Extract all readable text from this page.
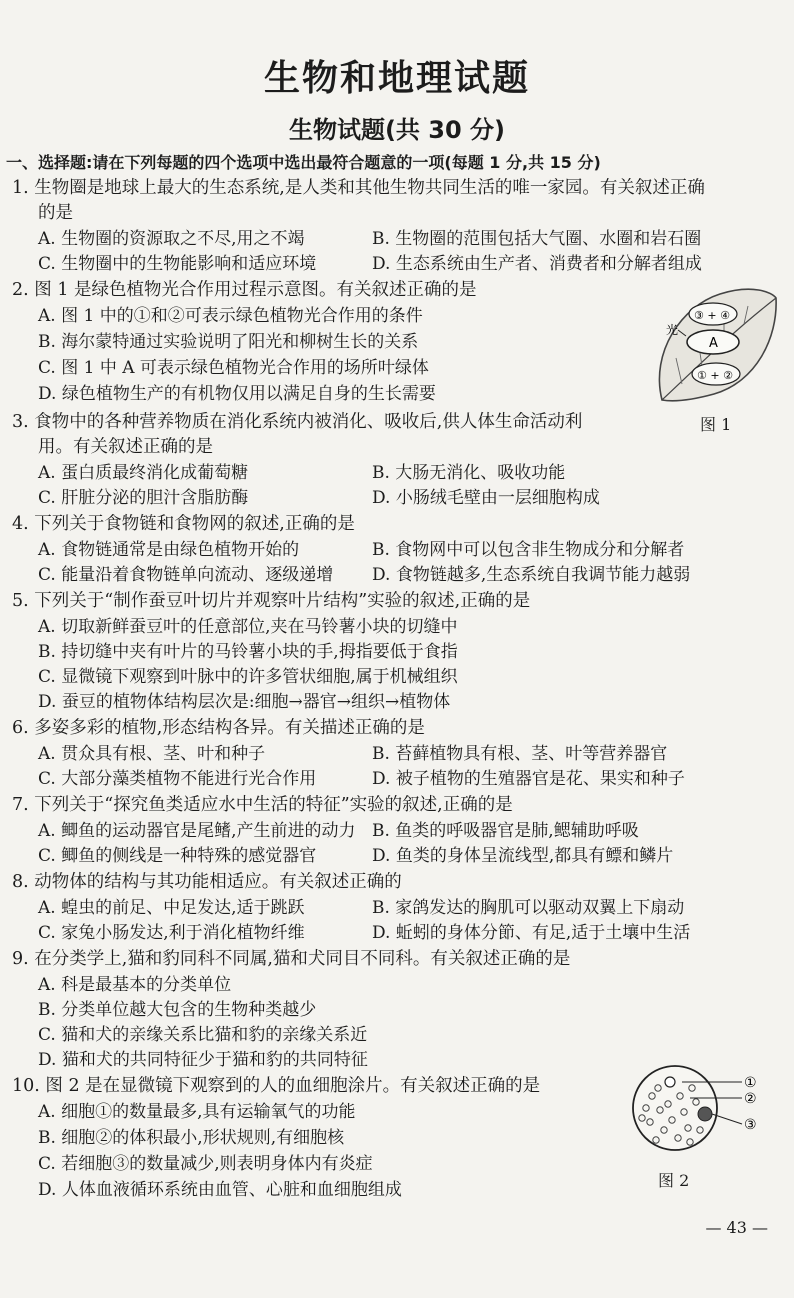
生物和地理试题
生物试题(共 30 分)
一、选择题:请在下列每题的四个选项中选出最符合题意的一项(每题 1 分,共 15 分)
1. 生物圈是地球上最大的生态系统,是人类和其他生物共同生活的唯一家园。有关叙述正确
的是
A. 生物圈的资源取之不尽,用之不竭	B. 生物圈的范围包括大气圈、水圈和岩石圈
C. 生物圈中的生物能影响和适应环境	D. 生态系统由生产者、消费者和分解者组成
2. 图 1 是绿色植物光合作用过程示意图。有关叙述正确的是
A. 图 1 中的①和②可表示绿色植物光合作用的条件
B. 海尔蒙特通过实验说明了阳光和柳树生长的关系
C. 图 1 中 A 可表示绿色植物光合作用的场所叶绿体
D. 绿色植物生产的有机物仅用以满足自身的生长需要
A
③ + ④
① + ②
光
图 1
3. 食物中的各种营养物质在消化系统内被消化、吸收后,供人体生命活动利
用。有关叙述正确的是
A. 蛋白质最终消化成葡萄糖	B. 大肠无消化、吸收功能
C. 肝脏分泌的胆汁含脂肪酶	D. 小肠绒毛壁由一层细胞构成
4. 下列关于食物链和食物网的叙述,正确的是
A. 食物链通常是由绿色植物开始的	B. 食物网中可以包含非生物成分和分解者
C. 能量沿着食物链单向流动、逐级递增 D. 食物链越多,生态系统自我调节能力越弱
5. 下列关于“制作蚕豆叶切片并观察叶片结构”实验的叙述,正确的是
A. 切取新鲜蚕豆叶的任意部位,夹在马铃薯小块的切缝中
B. 持切缝中夹有叶片的马铃薯小块的手,拇指要低于食指
C. 显微镜下观察到叶脉中的许多管状细胞,属于机械组织
D. 蚕豆的植物体结构层次是:细胞→器官→组织→植物体
6. 多姿多彩的植物,形态结构各异。有关描述正确的是
A. 贯众具有根、茎、叶和种子	B. 苔藓植物具有根、茎、叶等营养器官
C. 大部分藻类植物不能进行光合作用	D. 被子植物的生殖器官是花、果实和种子
7. 下列关于“探究鱼类适应水中生活的特征”实验的叙述,正确的是
A. 鲫鱼的运动器官是尾鳍,产生前进的动力 B. 鱼类的呼吸器官是肺,鳃辅助呼吸
C. 鲫鱼的侧线是一种特殊的感觉器官	D. 鱼类的身体呈流线型,都具有鳔和鳞片
8. 动物体的结构与其功能相适应。有关叙述正确的
A. 蝗虫的前足、中足发达,适于跳跃	B. 家鸽发达的胸肌可以驱动双翼上下扇动
C. 家兔小肠发达,利于消化植物纤维	D. 蚯蚓的身体分節、有足,适于土壤中生活
9. 在分类学上,猫和豹同科不同属,猫和犬同目不同科。有关叙述正确的是
A. 科是最基本的分类单位
B. 分类单位越大包含的生物种类越少
C. 猫和犬的亲缘关系比猫和豹的亲缘关系近
D. 猫和犬的共同特征少于猫和豹的共同特征
10. 图 2 是在显微镜下观察到的人的血细胞涂片。有关叙述正确的是
A. 细胞①的数量最多,具有运输氧气的功能
B. 细胞②的体积最小,形状规则,有细胞核
C. 若细胞③的数量减少,则表明身体内有炎症
D. 人体血液循环系统由血管、心脏和血细胞组成
①
②
③
图 2
— 43 —
